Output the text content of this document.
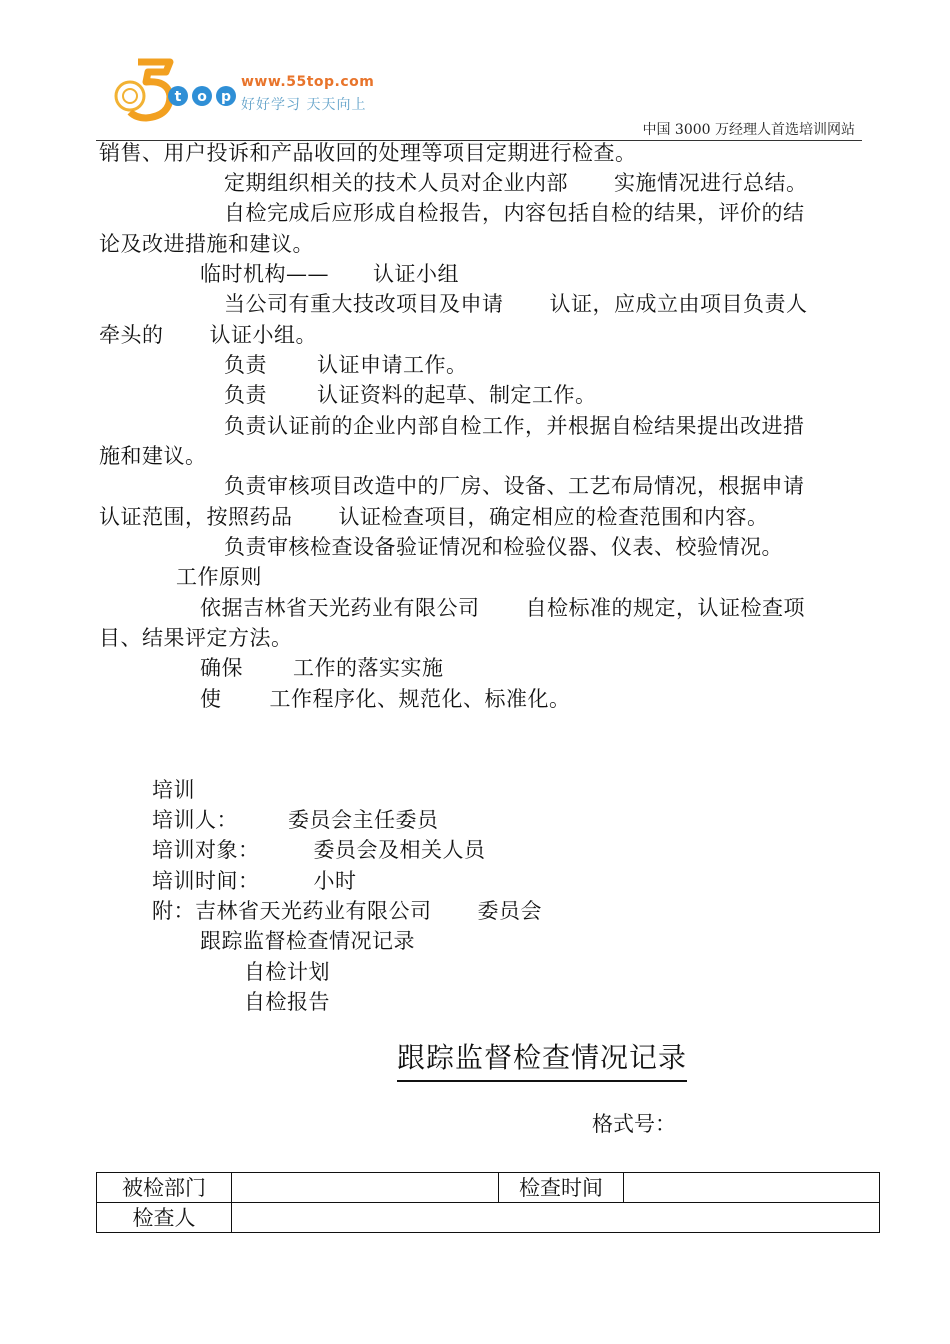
t o p
www.55top.com
好好学习 天天向上
中国 3000 万经理人首选培训网站
销售、用户投诉和产品收回的处理等项目定期进行检查。
定期组织相关的技术人员对企业内部 实施情况进行总结。
自检完成后应形成自检报告，内容包括自检的结果，评价的结
论及改进措施和建议。
临时机构—— 认证小组
当公司有重大技改项目及申请 认证，应成立由项目负责人
牵头的 认证小组。
负责 认证申请工作。
负责 认证资料的起草、制定工作。
负责认证前的企业内部自检工作，并根据自检结果提出改进措
施和建议。
负责审核项目改造中的厂房、设备、工艺布局情况，根据申请
认证范围，按照药品 认证检查项目，确定相应的检查范围和内容。
负责审核检查设备验证情况和检验仪器、仪表、校验情况。
工作原则
依据吉林省天光药业有限公司 自检标准的规定，认证检查项
目、结果评定方法。
确保 工作的落实实施
使 工作程序化、规范化、标准化。
培训
培训人： 委员会主任委员
培训对象：	委员会及相关人员
培训时间：	小时
附：吉林省天光药业有限公司 委员会
跟踪监督检查情况记录
自检计划
自检报告
跟踪监督检查情况记录
格式号：
被检部门		检查时间	
检查人			
